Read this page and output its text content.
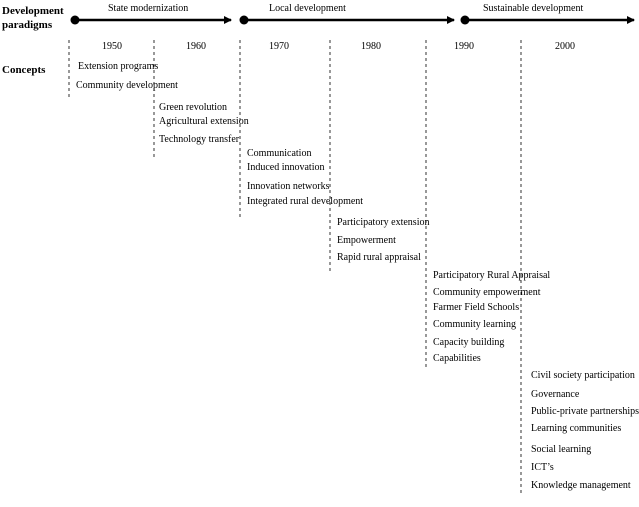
Development
paradigms
Concepts
State modernization	Local development	Sustainable development
1950	1960	1970	1980	1990	2000
Extension programs
Community development
Green revolution
Agricultural extension
Technology transfer
Communication
Induced innovation
Innovation networks
Integrated rural development
Participatory extension
Empowerment
Rapid rural appraisal
Participatory Rural Appraisal
Community empowerment
Farmer Field Schools
Community learning
Capacity building
Capabilities
Civil society participation
Governance
Public-private partnerships
Learning communities
Social learning
ICT’s
Knowledge management
